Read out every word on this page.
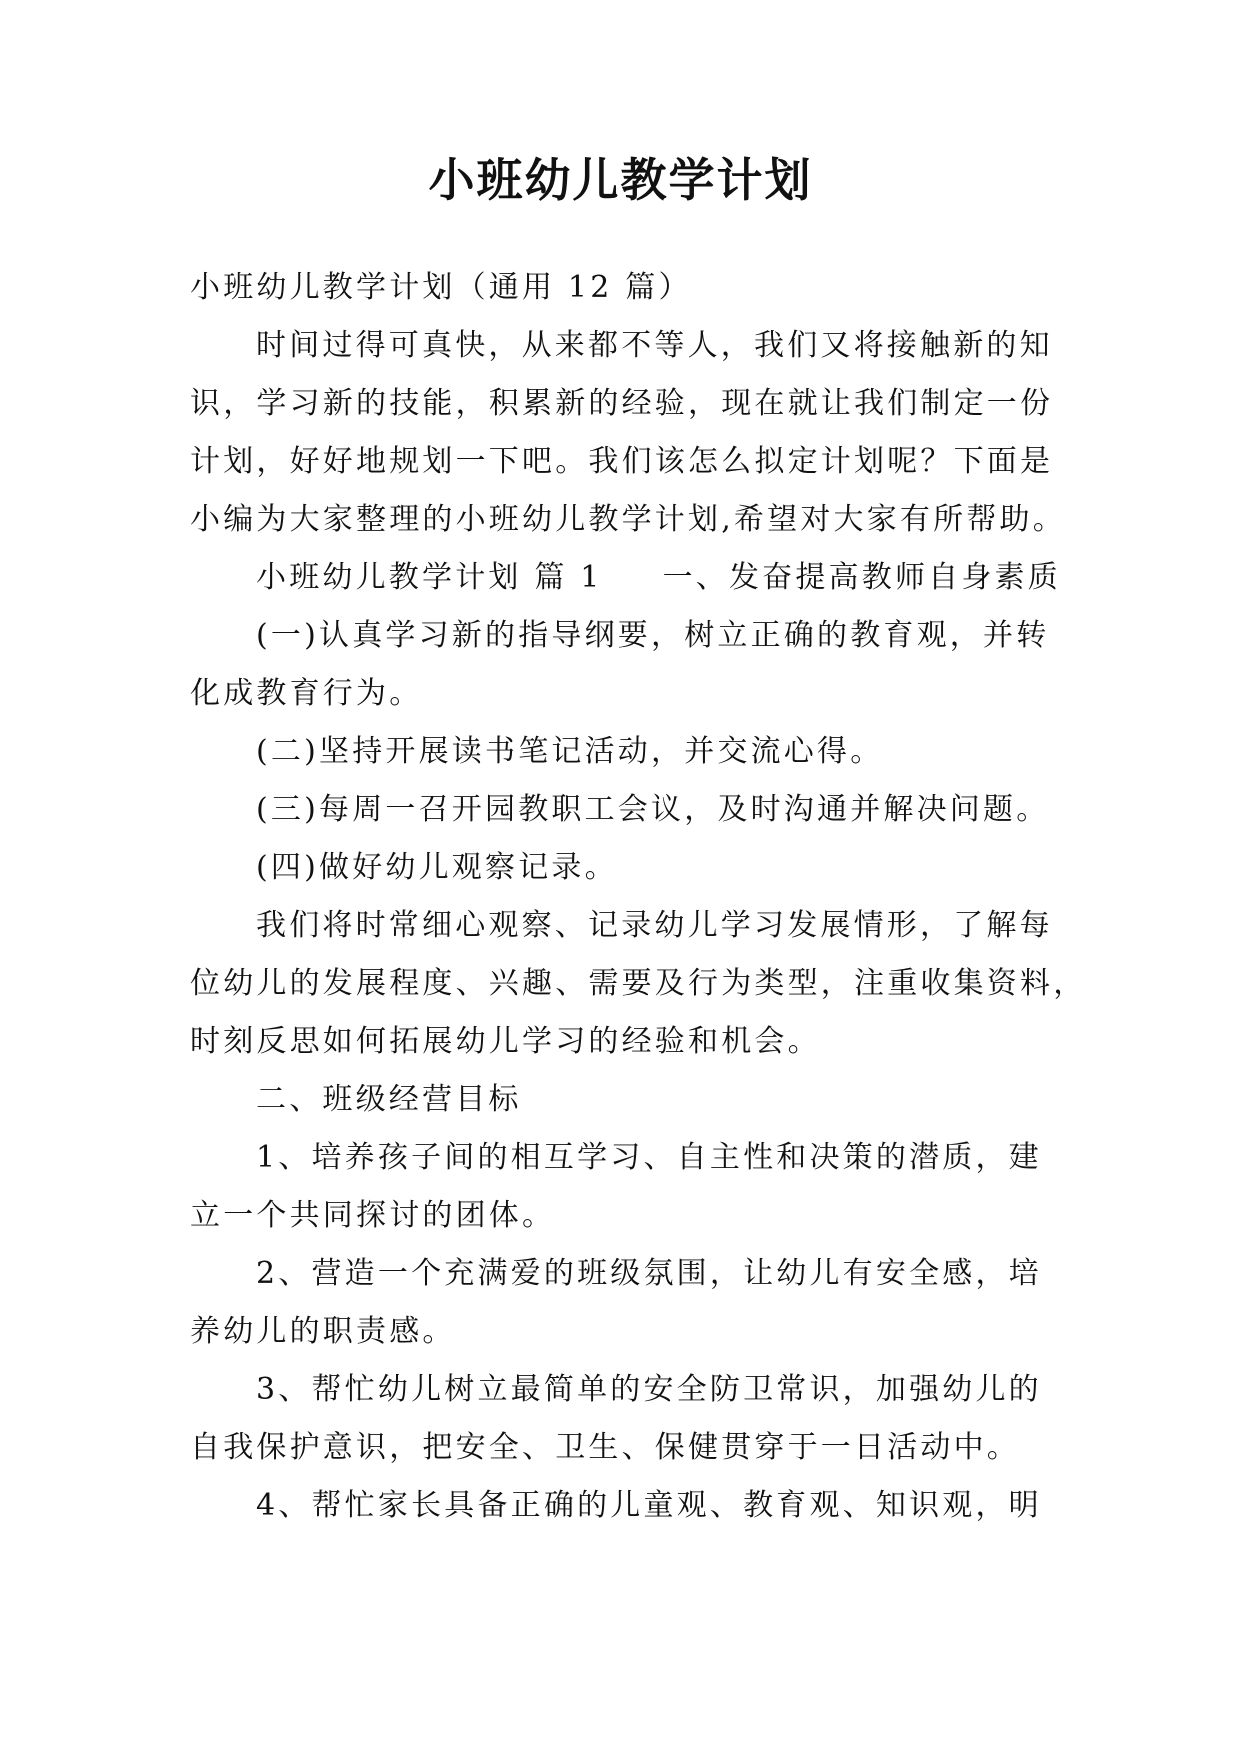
小班幼儿教学计划
小班幼儿教学计划（通用 12 篇）
时间过得可真快，从来都不等人，我们又将接触新的知
识，学习新的技能，积累新的经验，现在就让我们制定一份
计划，好好地规划一下吧。我们该怎么拟定计划呢？下面是
小编为大家整理的小班幼儿教学计划,希望对大家有所帮助。
小班幼儿教学计划 篇 1 一、发奋提高教师自身素质
(一)认真学习新的指导纲要，树立正确的教育观，并转
化成教育行为。
(二)坚持开展读书笔记活动，并交流心得。
(三)每周一召开园教职工会议，及时沟通并解决问题。
(四)做好幼儿观察记录。
我们将时常细心观察、记录幼儿学习发展情形，了解每
位幼儿的发展程度、兴趣、需要及行为类型，注重收集资料，
时刻反思如何拓展幼儿学习的经验和机会。
二、班级经营目标
1、培养孩子间的相互学习、自主性和决策的潜质，建
立一个共同探讨的团体。
2、营造一个充满爱的班级氛围，让幼儿有安全感，培
养幼儿的职责感。
3、帮忙幼儿树立最简单的安全防卫常识，加强幼儿的
自我保护意识，把安全、卫生、保健贯穿于一日活动中。
4、帮忙家长具备正确的儿童观、教育观、知识观，明
